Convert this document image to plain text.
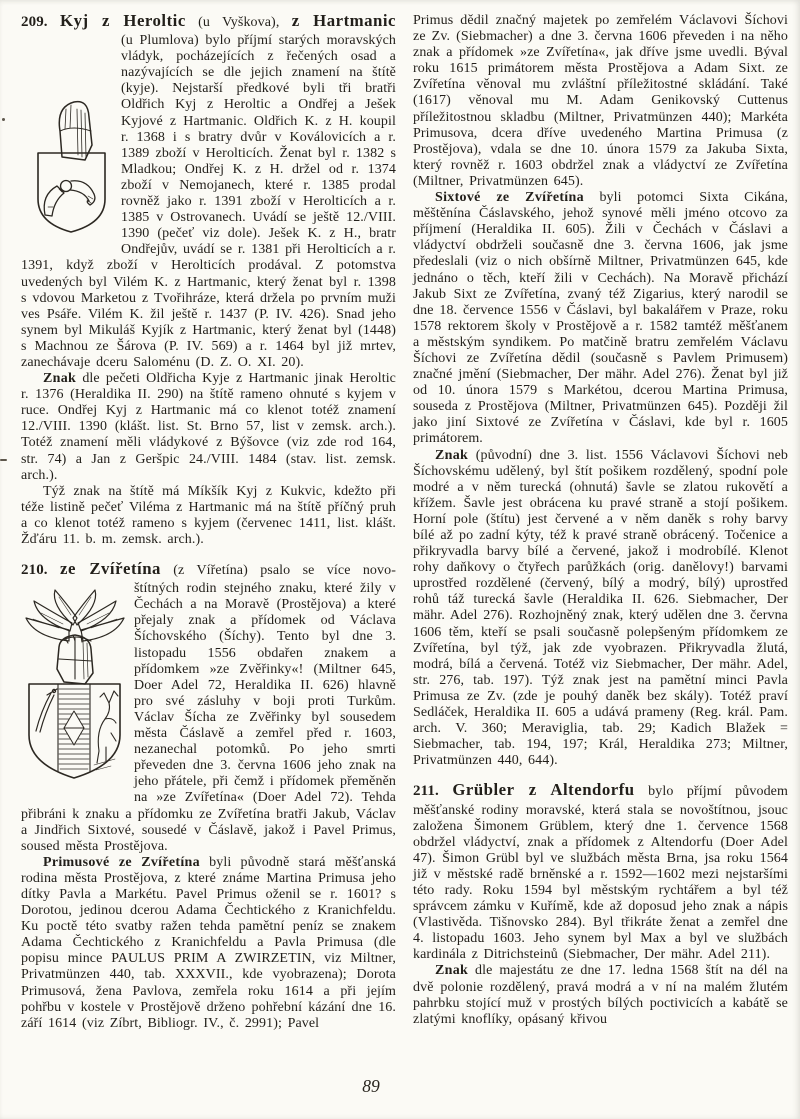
209. Kyj z Heroltic (u Vyškova), z Hartmanic

(u Plumlova) bylo příjmí starých moravských vládyk, pocházejících z řečených osad a nazývajících se dle jejich znamení na štítě (kyje). Nejstarší předkové byli tři bratři Oldřich Kyj z Heroltic a Ondřej a Ješek Kyjové z Hartmanic. Oldřich K. z H. koupil r. 1368 i s bratry dvůr v Koválovicích a r. 1389 zboží v Herolticích. Ženat byl r. 1382 s Mladkou; Ondřej K. z H. držel od r. 1374 zboží v Nemojanech, které r. 1385 prodal rovněž jako r. 1391 zboží v Herolticích a r. 1385 v Ostrovanech. Uvádí se ještě 12./VIII. 1390 (pečeť viz dole). Ješek K. z H., bratr Ondřejův, uvádí se r. 1381 při Herolticích a r. 1391, když zboží v Herolticích prodával. Z potomstva uvedených byl Vilém K. z Hartmanic, který ženat byl r. 1398 s vdovou Marketou z Tvořihráze, která držela po prvním muži ves Psáře. Vilém K. žil ještě r. 1437 (P. IV. 426). Snad jeho synem byl Mikuláš Kyjík z Hartmanic, který ženat byl (1448) s Machnou ze Šárova (P. IV. 569) a r. 1464 byl již mrtev, zanechávaje dceru Saloménu (D. Z. O. XI. 20).

Znak dle pečeti Oldřicha Kyje z Hartmanic jinak Heroltic r. 1376 (Heraldika II. 290) na štítě rameno ohnuté s kyjem v ruce. Ondřej Kyj z Hartmanic má co klenot totéž znamení 12./VIII. 1390 (klášt. list. St. Brno 57, list v zemsk. arch.). Totéž znamení měli vládykové z Býšovce (viz zde rod 164, str. 74) a Jan z Geršpic 24./VIII. 1484 (stav. list. zemsk. arch.).

Týž znak na štítě má Míkšík Kyj z Kukvic, kdežto při téže listině pečeť Viléma z Hartmanic má na štítě příčný pruh a co klenot totéž rameno s kyjem (červenec 1411, list. klášt. Žďáru 11. b. m. zemsk. arch.).

210. ze Zvířetína (z Vířetína) psalo se více novo-

štítných rodin stejného znaku, které žily v Čechách a na Moravě (Prostějova) a které přejaly znak a přídomek od Václava Šíchovského (Šíchy). Tento byl dne 3. listopadu 1556 obdařen znakem a přídomkem »ze Zvěřinky«! (Miltner 645, Doer Adel 72, Heraldika II. 626) hlavně pro své zásluhy v boji proti Turkům. Václav Šícha ze Zvěřinky byl sousedem města Čáslavě a zemřel před r. 1603, nezanechal potomků. Po jeho smrti převeden dne 3. června 1606 jeho znak na jeho přátele, při čemž i přídomek přeměněn na »ze Zvířetína« (Doer Adel 72). Tehda přibráni k znaku a přídomku ze Zvířetína bratři Jakub, Václav a Jindřich Sixtové, sousedé v Čáslavě, jakož i Pavel Primus, soused města Prostějova.

Primusové ze Zvířetína byli původně stará měšťanská rodina města Prostějova, z které známe Martina Primusa jeho dítky Pavla a Markétu. Pavel Primus oženil se r. 1601? s Dorotou, jedinou dcerou Adama Čechtického z Kranichfeldu. Ku poctě této svatby ražen tehda pamětní peníz se znakem Adama Čechtického z Kranichfeldu a Pavla Primusa (dle popisu mince PAULUS PRIM A ZWIRZETIN, viz Miltner, Privatmünzen 440, tab. XXXVII., kde vyobrazena); Dorota Primusová, žena Pavlova, zemřela roku 1614 a při jejím pohřbu v kostele v Prostějově drženo pohřební kázání dne 16. září 1614 (viz Zíbrt, Bibliogr. IV., č. 2991); Pavel

Primus dědil značný majetek po zemřelém Václavovi Šíchovi ze Zv. (Siebmacher) a dne 3. června 1606 převeden i na něho znak a přídomek »ze Zvířetína«, jak dříve jsme uvedli. Býval roku 1615 primátorem města Prostějova a Adam Sixt. ze Zvířetína věnoval mu zvláštní příležitostné skládání. Také (1617) věnoval mu M. Adam Genikovský Cuttenus příležitostnou skladbu (Miltner, Privatmünzen 440); Markéta Primusova, dcera dříve uvedeného Martina Primusa (z Prostějova), vdala se dne 10. února 1579 za Jakuba Sixta, který rovněž r. 1603 obdržel znak a vládyctví ze Zvířetína (Miltner, Privatmünzen 645).

Sixtové ze Zvířetína byli potomci Sixta Cikána, měštěnína Čáslavského, jehož synové měli jméno otcovo za příjmení (Heraldika II. 605). Žili v Čechách v Čáslavi a vládyctví obdrželi současně dne 3. června 1606, jak jsme předeslali (viz o nich obšírně Miltner, Privatmünzen 645, kde jednáno o těch, kteří žili v Cechách). Na Moravě přichází Jakub Sixt ze Zvířetína, zvaný též Zigarius, který narodil se dne 18. července 1556 v Čáslavi, byl bakalářem v Praze, roku 1578 rektorem školy v Prostějově a r. 1582 tamtéž měšťanem a městským syndikem. Po matčině bratru zemřelém Václavu Šíchovi ze Zvířetína dědil (současně s Pavlem Primusem) značné jmění (Siebmacher, Der mähr. Adel 276). Ženat byl již od 10. února 1579 s Markétou, dcerou Martina Primusa, souseda z Prostějova (Miltner, Privatmünzen 645). Později žil jako jiní Sixtové ze Zvířetína v Čáslavi, kde byl r. 1605 primátorem.

Znak (původní) dne 3. list. 1556 Václavovi Šíchovi neb Šíchovskému udělený, byl štít pošikem rozdělený, spodní pole modré a v něm turecká (ohnutá) šavle se zlatou rukovětí a křížem. Šavle jest obrácena ku pravé straně a stojí pošikem. Horní pole (štítu) jest červené a v něm daněk s rohy barvy bílé až po zadní kýty, též k pravé straně obrácený. Točenice a přikryvadla barvy bílé a červené, jakož i modrobílé. Klenot rohy daňkovy o čtyřech parůžkách (orig. danělovy!) barvami uprostřed rozdělené (červený, bílý a modrý, bílý) uprostřed rohů táž turecká šavle (Heraldika II. 626. Siebmacher, Der mähr. Adel 276). Rozhojněný znak, který udělen dne 3. června 1606 těm, kteří se psali současně polepšeným přídomkem ze Zvířetína, byl týž, jak zde vyobrazen. Přikryvadla žlutá, modrá, bílá a červená. Totéž viz Siebmacher, Der mähr. Adel, str. 276, tab. 197). Týž znak jest na pamětní minci Pavla Primusa ze Zv. (zde je pouhý daněk bez skály). Totéž praví Sedláček, Heraldika II. 605 a udává prameny (Reg. král. Pam. arch. V. 360; Meraviglia, tab. 29; Kadich Blažek = Siebmacher, tab. 194, 197; Král, Heraldika 273; Miltner, Privatmünzen 440, 644).

211. Grübler z Altendorfu bylo příjmí původem

měšťanské rodiny moravské, která stala se novoštítnou, jsouc založena Šimonem Grüblem, který dne 1. července 1568 obdržel vládyctví, znak a přídomek z Altendorfu (Doer Adel 47). Šimon Grübl byl ve službách města Brna, jsa roku 1564 již v městské radě brněnské a r. 1592—1602 mezi nejstaršími této rady. Roku 1594 byl městským rychtářem a byl též správcem zámku v Kuřímě, kde až doposud jeho znak a nápis (Vlastivěda. Tišnovsko 284). Byl třikráte ženat a zemřel dne 4. listopadu 1603. Jeho synem byl Max a byl ve službách kardinála z Ditrichsteinů (Siebmacher, Der mähr. Adel 211).

Znak dle majestátu ze dne 17. ledna 1568 štít na dél na dvě polonie rozdělený, pravá modrá a v ní na malém žlutém pahrbku stojící muž v prostých bílých poctivicích a kabátě se zlatými knoflíky, opásaný křivou

89
